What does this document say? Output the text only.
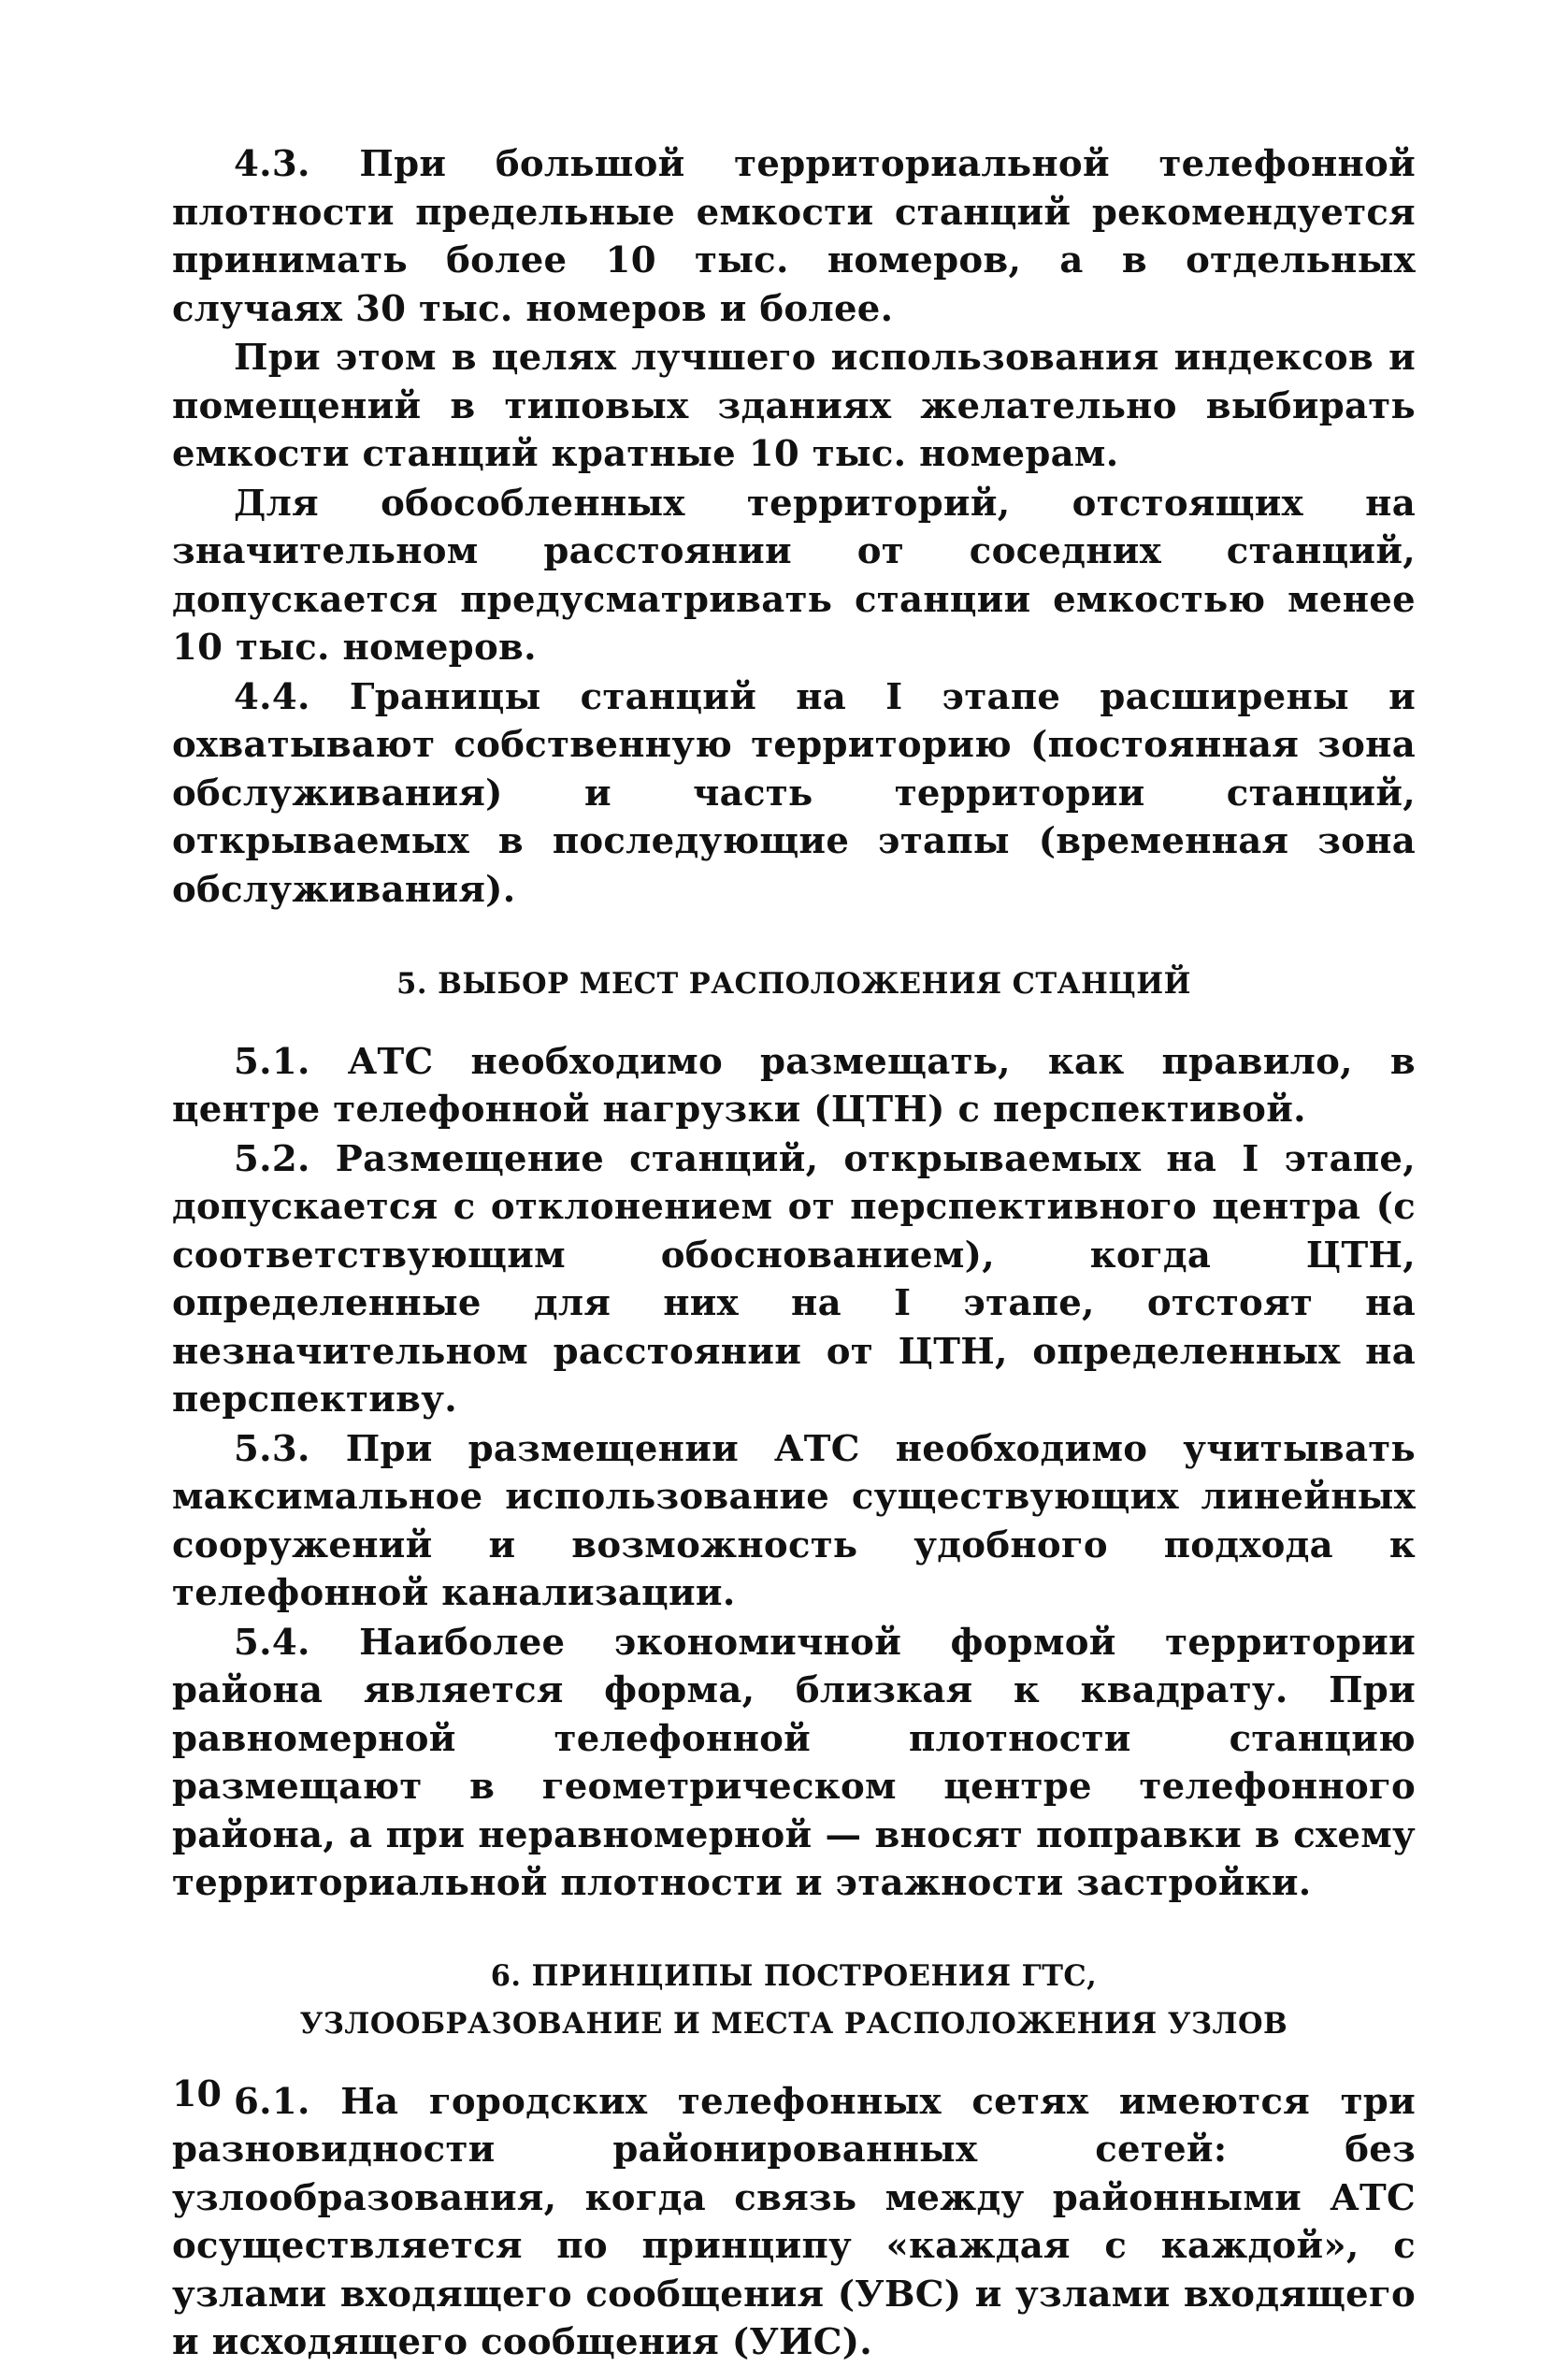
4.3. При большой территориальной телефонной плотности предельные емкости станций рекомендуется принимать более 10 тыс. номеров, а в отдельных случаях 30 тыс. номеров и более.

При этом в целях лучшего использования индексов и помещений в типовых зданиях желательно выбирать емкости станций кратные 10 тыс. номерам.

Для обособленных территорий, отстоящих на значительном расстоянии от соседних станций, допускается предусматривать станции емкостью менее 10 тыс. номеров.

4.4. Границы станций на I этапе расширены и охватывают собственную территорию (постоянная зона обслуживания) и часть территории станций, открываемых в последующие этапы (временная зона обслуживания).

5. ВЫБОР МЕСТ РАСПОЛОЖЕНИЯ СТАНЦИЙ

5.1. АТС необходимо размещать, как правило, в центре телефонной нагрузки (ЦТН) с перспективой.

5.2. Размещение станций, открываемых на I этапе, допускается с отклонением от перспективного центра (с соответствующим обоснованием), когда ЦТН, определенные для них на I этапе, отстоят на незначительном расстоянии от ЦТН, определенных на перспективу.

5.3. При размещении АТС необходимо учитывать максимальное использование существующих линейных сооружений и возможность удобного подхода к телефонной канализации.

5.4. Наиболее экономичной формой территории района является форма, близкая к квадрату. При равномерной телефонной плотности станцию размещают в геометрическом центре телефонного района, а при неравномерной — вносят поправки в схему территориальной плотности и этажности застройки.

6. ПРИНЦИПЫ ПОСТРОЕНИЯ ГТС,
УЗЛООБРАЗОВАНИЕ И МЕСТА РАСПОЛОЖЕНИЯ УЗЛОВ

6.1. На городских телефонных сетях имеются три разновидности районированных сетей: без узлообразования, когда связь между районными АТС осуществляется по принципу «каждая с каждой», с узлами входящего сообщения (УВС) и узлами входящего и исходящего сообщения (УИС).

10
